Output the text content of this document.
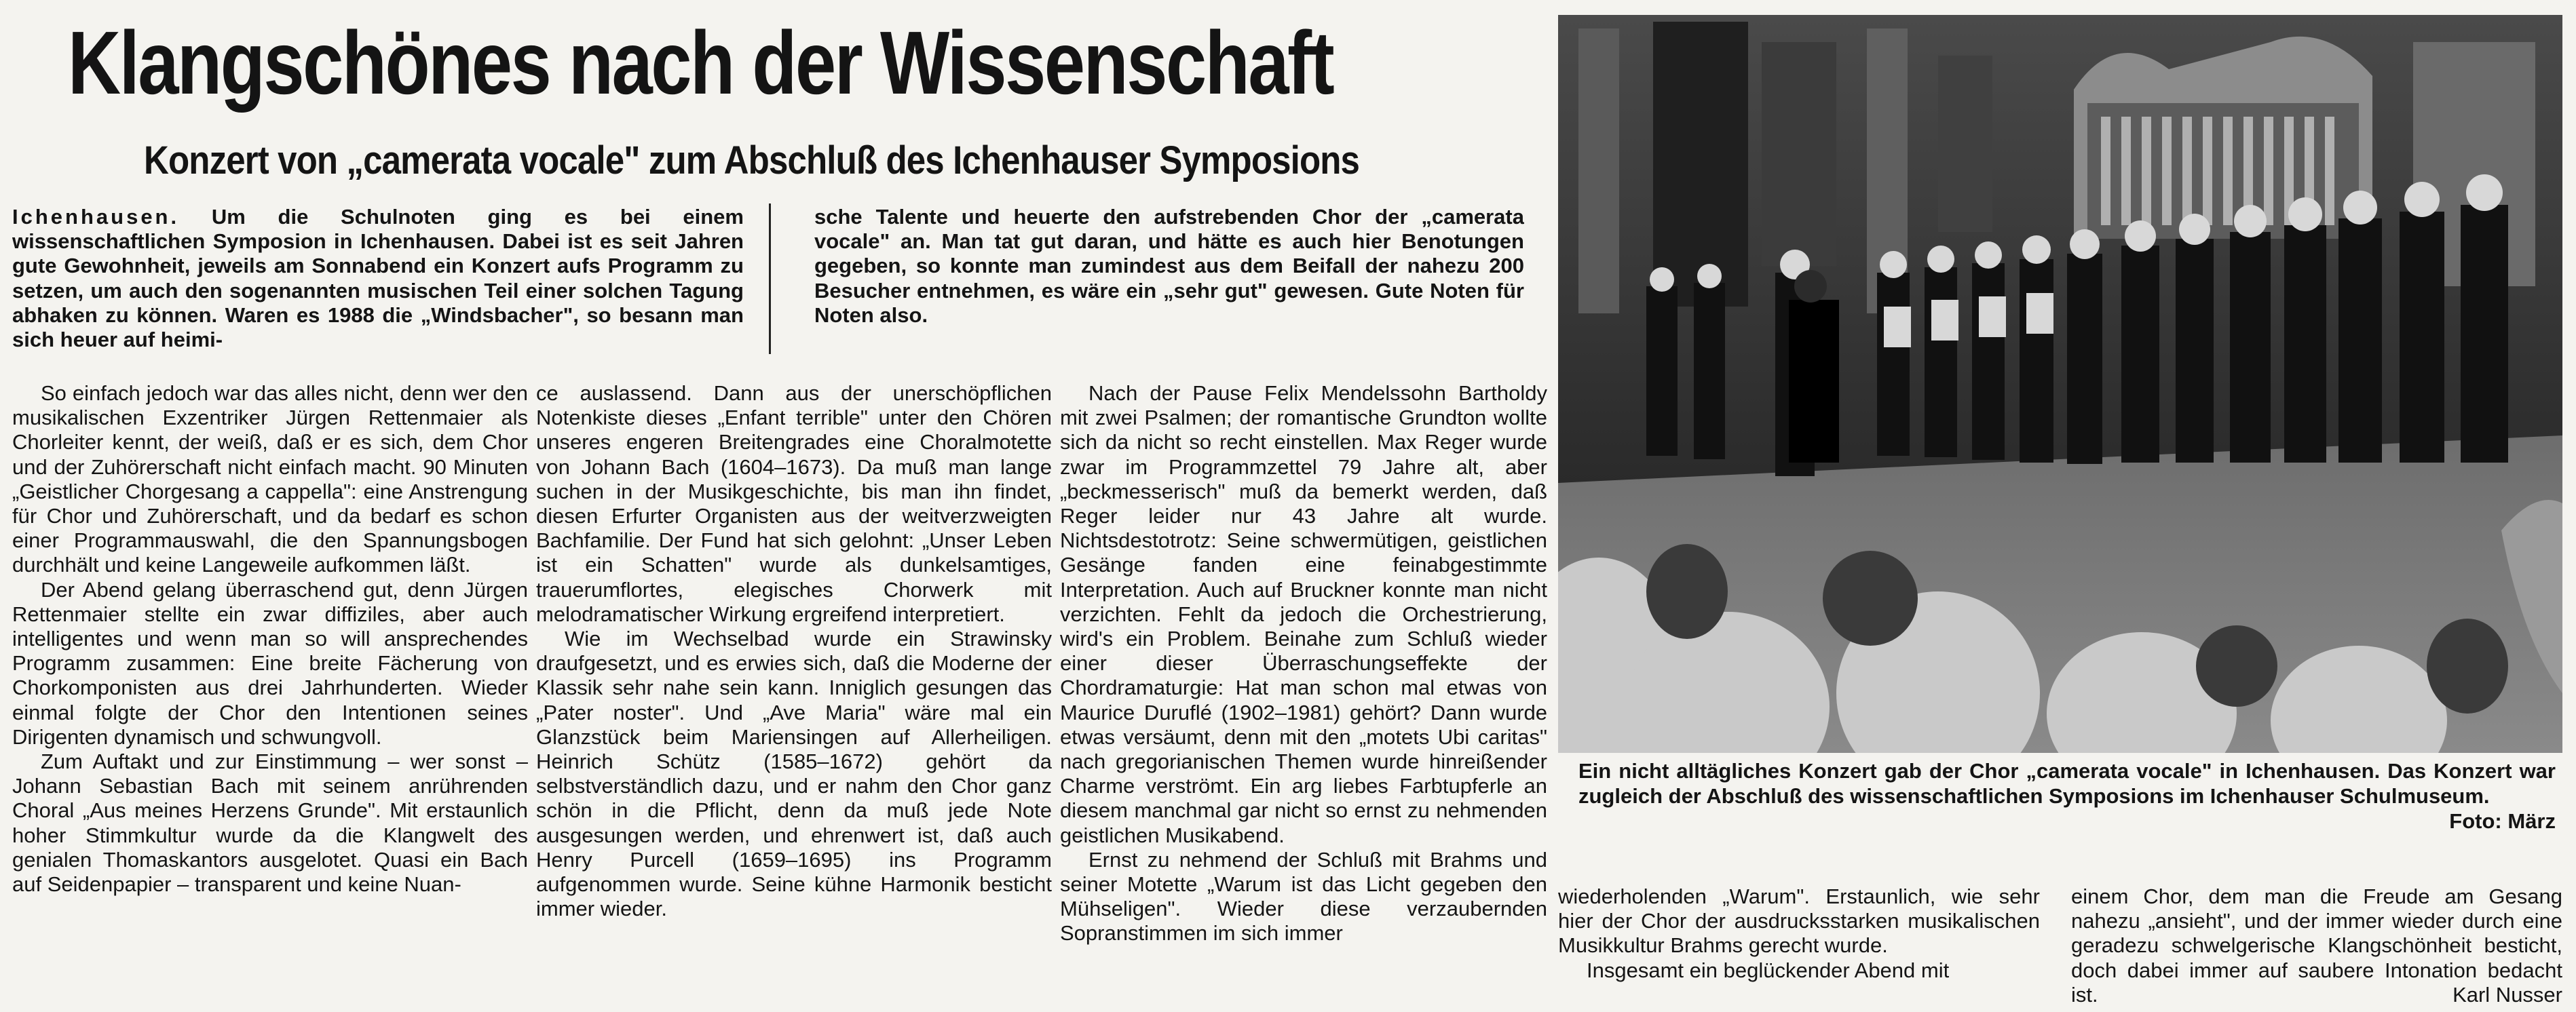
Klangschönes nach der Wissenschaft
Konzert von „camerata vocale" zum Abschluß des Ichenhauser Symposions

Ichenhausen. Um die Schulnoten ging es bei einem wissenschaftlichen Symposion in Ichenhausen. Dabei ist es seit Jahren gute Gewohnheit, jeweils am Sonnabend ein Konzert aufs Programm zu setzen, um auch den sogenannten musischen Teil einer solchen Tagung abhaken zu können. Waren es 1988 die „Windsbacher", so besann man sich heuer auf heimi-

sche Talente und heuerte den aufstrebenden Chor der „camerata vocale" an. Man tat gut daran, und hätte es auch hier Benotungen gegeben, so konnte man zumindest aus dem Beifall der nahezu 200 Besucher entnehmen, es wäre ein „sehr gut" gewesen. Gute Noten für Noten also.

So einfach jedoch war das alles nicht, denn wer den musikalischen Exzentriker Jürgen Rettenmaier als Chorleiter kennt, der weiß, daß er es sich, dem Chor und der Zuhörerschaft nicht einfach macht. 90 Minuten „Geistlicher Chorgesang a cappella": eine Anstrengung für Chor und Zuhörerschaft, und da bedarf es schon einer Programmauswahl, die den Spannungsbogen durchhält und keine Langeweile aufkommen läßt.

Der Abend gelang überraschend gut, denn Jürgen Rettenmaier stellte ein zwar diffiziles, aber auch intelligentes und wenn man so will ansprechendes Programm zusammen: Eine breite Fächerung von Chorkomponisten aus drei Jahrhunderten. Wieder einmal folgte der Chor den Intentionen seines Dirigenten dynamisch und schwungvoll.

Zum Auftakt und zur Einstimmung – wer sonst – Johann Sebastian Bach mit seinem anrührenden Choral „Aus meines Herzens Grunde". Mit erstaunlich hoher Stimmkultur wurde da die Klangwelt des genialen Thomaskantors ausgelotet. Quasi ein Bach auf Seidenpapier – transparent und keine Nuan-

ce auslassend. Dann aus der unerschöpflichen Notenkiste dieses „Enfant terrible" unter den Chören unseres engeren Breitengrades eine Choralmotette von Johann Bach (1604–1673). Da muß man lange suchen in der Musikgeschichte, bis man ihn findet, diesen Erfurter Organisten aus der weitverzweigten Bachfamilie. Der Fund hat sich gelohnt: „Unser Leben ist ein Schatten" wurde als dunkelsamtiges, trauerumflortes, elegisches Chorwerk mit melodramatischer Wirkung ergreifend interpretiert.

Wie im Wechselbad wurde ein Strawinsky draufgesetzt, und es erwies sich, daß die Moderne der Klassik sehr nahe sein kann. Inniglich gesungen das „Pater noster". Und „Ave Maria" wäre mal ein Glanzstück beim Mariensingen auf Allerheiligen. Heinrich Schütz (1585–1672) gehört da selbstverständlich dazu, und er nahm den Chor ganz schön in die Pflicht, denn da muß jede Note ausgesungen werden, und ehrenwert ist, daß auch Henry Purcell (1659–1695) ins Programm aufgenommen wurde. Seine kühne Harmonik besticht immer wieder.

Nach der Pause Felix Mendelssohn Bartholdy mit zwei Psalmen; der romantische Grundton wollte sich da nicht so recht einstellen. Max Reger wurde zwar im Programmzettel 79 Jahre alt, aber „beckmesserisch" muß da bemerkt werden, daß Reger leider nur 43 Jahre alt wurde. Nichtsdestotrotz: Seine schwermütigen, geistlichen Gesänge fanden eine feinabgestimmte Interpretation. Auch auf Bruckner konnte man nicht verzichten. Fehlt da jedoch die Orchestrierung, wird's ein Problem. Beinahe zum Schluß wieder einer dieser Überraschungseffekte der Chordramaturgie: Hat man schon mal etwas von Maurice Duruflé (1902–1981) gehört? Dann wurde etwas versäumt, denn mit den „motets Ubi caritas" nach gregorianischen Themen wurde hinreißender Charme verströmt. Ein arg liebes Farbtupferle an diesem manchmal gar nicht so ernst zu nehmenden geistlichen Musikabend.

Ernst zu nehmend der Schluß mit Brahms und seiner Motette „Warum ist das Licht gegeben den Mühseligen". Wieder diese verzaubernden Sopranstimmen im sich immer

Ein nicht alltägliches Konzert gab der Chor „camerata vocale" in Ichenhausen. Das Konzert war zugleich der Abschluß des wissenschaftlichen Symposions im Ichenhauser Schulmuseum.
Foto: März

wiederholenden „Warum". Erstaunlich, wie sehr hier der Chor der ausdrucksstarken musikalischen Musikkultur Brahms gerecht wurde.

Insgesamt ein beglückender Abend mit

einem Chor, dem man die Freude am Gesang nahezu „ansieht", und der immer wieder durch eine geradezu schwelgerische Klangschönheit besticht, doch dabei immer auf saubere Intonation bedacht ist.	Karl Nusser
